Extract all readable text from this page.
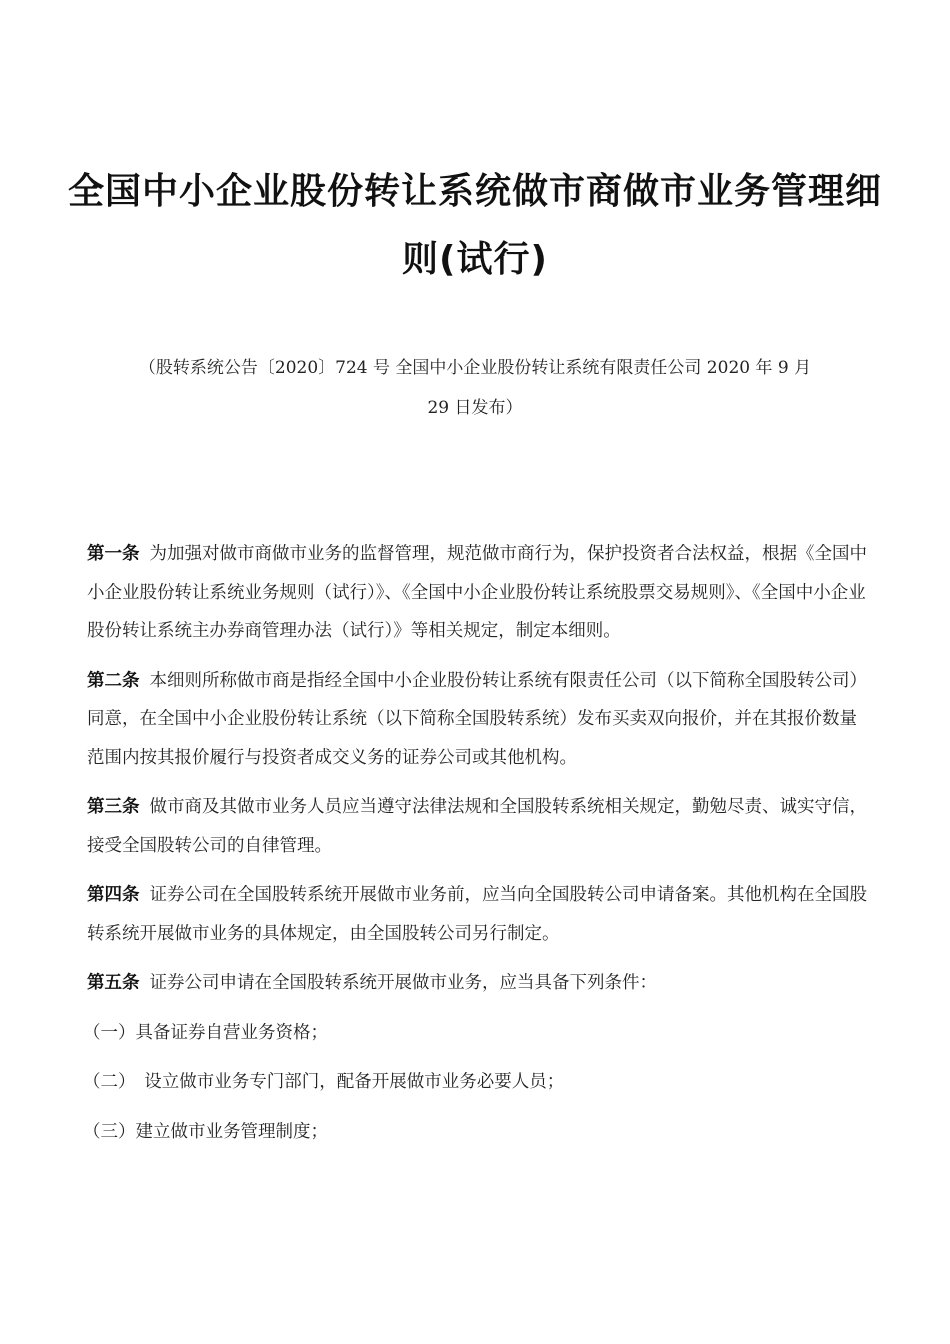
全国中小企业股份转让系统做市商做市业务管理细
则(试行)
（股转系统公告〔2020〕724 号 全国中小企业股份转让系统有限责任公司 2020 年 9 月
29 日发布）

第一条 为加强对做市商做市业务的监督管理，规范做市商行为，保护投资者合法权益，根据《全国中小企业股份转让系统业务规则（试行）》、《全国中小企业股份转让系统股票交易规则》、《全国中小企业股份转让系统主办券商管理办法（试行）》等相关规定，制定本细则。

第二条 本细则所称做市商是指经全国中小企业股份转让系统有限责任公司（以下简称全国股转公司）同意，在全国中小企业股份转让系统（以下简称全国股转系统）发布买卖双向报价，并在其报价数量范围内按其报价履行与投资者成交义务的证券公司或其他机构。

第三条 做市商及其做市业务人员应当遵守法律法规和全国股转系统相关规定，勤勉尽责、诚实守信，接受全国股转公司的自律管理。

第四条 证券公司在全国股转系统开展做市业务前，应当向全国股转公司申请备案。其他机构在全国股转系统开展做市业务的具体规定，由全国股转公司另行制定。

第五条 证券公司申请在全国股转系统开展做市业务，应当具备下列条件：

（一）具备证券自营业务资格；

（二）　设立做市业务专门部门，配备开展做市业务必要人员；

（三）建立做市业务管理制度；
